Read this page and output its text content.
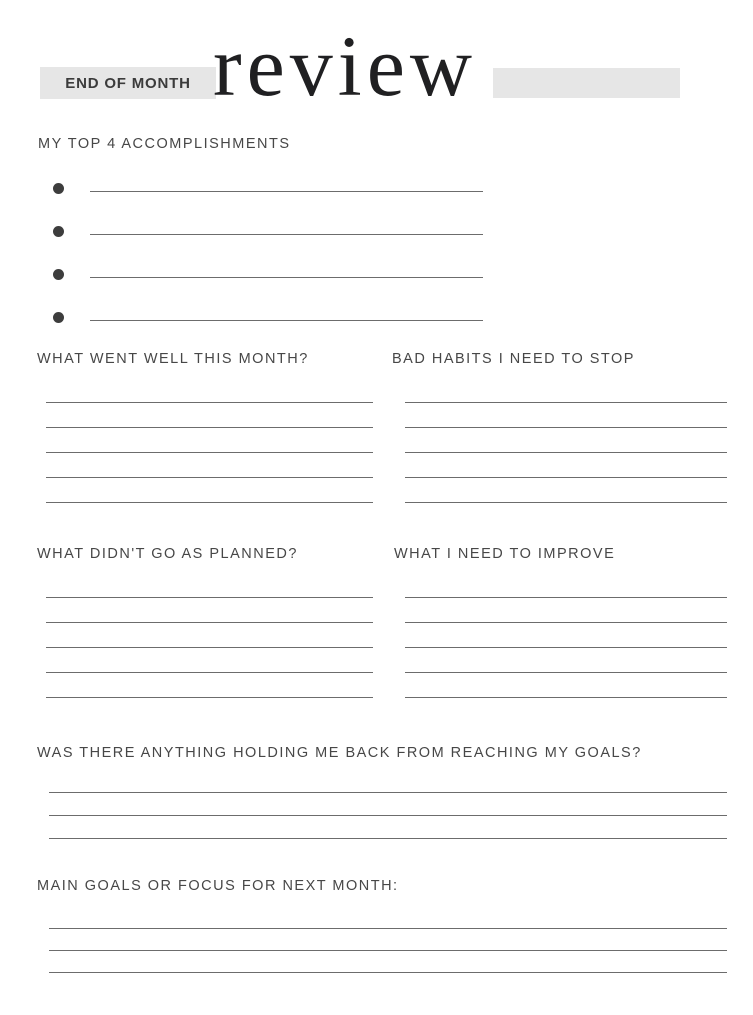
END OF MONTH review
MY TOP 4 ACCOMPLISHMENTS
WHAT WENT WELL THIS MONTH?	BAD HABITS I NEED TO STOP
WHAT DIDN'T GO AS PLANNED?	WHAT I NEED TO IMPROVE
WAS THERE ANYTHING HOLDING ME BACK FROM REACHING MY GOALS?
MAIN GOALS OR FOCUS FOR NEXT MONTH:
